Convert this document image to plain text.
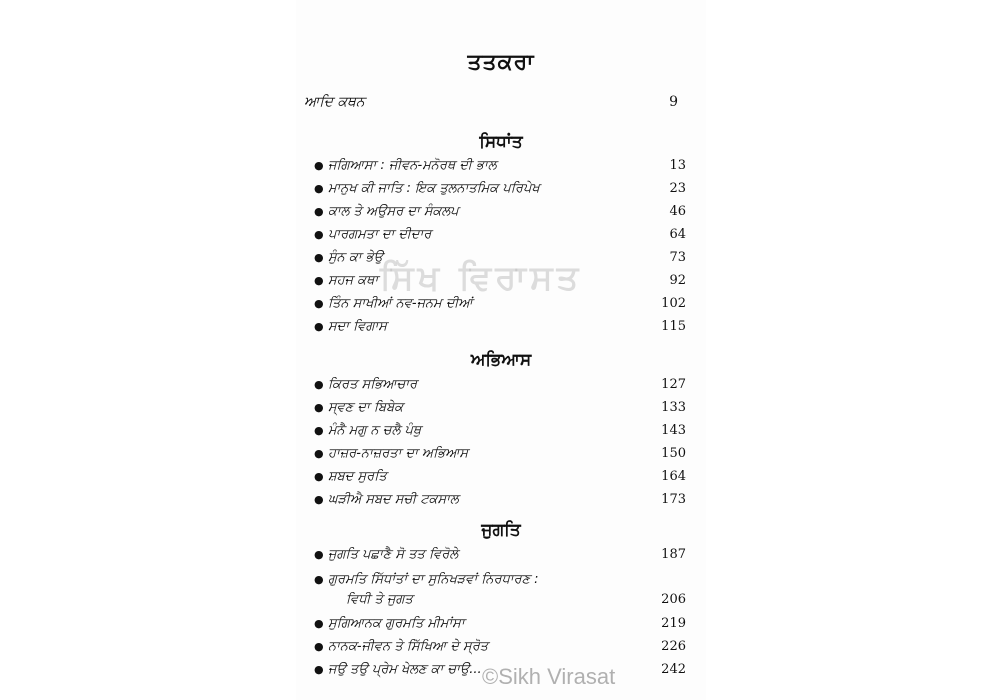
ਤਤਕਰਾ
ਆਦਿ ਕਥਨ	9
ਸਿਧਾਂਤ
● ਜਗਿਆਸਾ : ਜੀਵਨ-ਮਨੋਰਥ ਦੀ ਭਾਲ	13
● ਮਾਨੁਖ ਕੀ ਜਾਤਿ : ਇਕ ਤੁਲਨਾਤਮਿਕ ਪਰਿਪੇਖ	23
● ਕਾਲ ਤੇ ਅਉਸਰ ਦਾ ਸੰਕਲਪ	46
● ਪਾਰਗਮਤਾ ਦਾ ਦੀਦਾਰ	64
● ਸੁੰਨ ਕਾ ਭੇਉ	73
● ਸਹਜ ਕਥਾ	92
● ਤਿੰਨ ਸਾਖੀਆਂ ਨਵ-ਜਨਮ ਦੀਆਂ	102
● ਸਦਾ ਵਿਗਾਸ	115
ਅਭਿਆਸ
● ਕਿਰਤ ਸਭਿਆਚਾਰ	127
● ਸ੍ਵਣ ਦਾ ਬਿਬੇਕ	133
● ਮੰਨੈ ਮਗੁ ਨ ਚਲੈ ਪੰਥੁ	143
● ਹਾਜ਼ਰ-ਨਾਜ਼ਰਤਾ ਦਾ ਅਭਿਆਸ	150
● ਸ਼ਬਦ ਸੁਰਤਿ	164
● ਘੜੀਐ ਸਬਦ ਸਚੀ ਟਕਸਾਲ	173
ਜੁਗਤਿ
● ਜੁਗਤਿ ਪਛਾਣੈ ਸੋ ਤਤ ਵਿਰੋਲੇ	187
● ਗੁਰਮਤਿ ਸਿੱਧਾਂਤਾਂ ਦਾ ਸੁਨਿਖੜਵਾਂ ਨਿਰਧਾਰਣ :
ਵਿਧੀ ਤੇ ਜੁਗਤ	206
● ਸੁਗਿਆਨਕ ਗੁਰਮਤਿ ਮੀਮਾਂਸਾ	219
● ਨਾਨਕ-ਜੀਵਨ ਤੇ ਸਿੱਖਿਆ ਦੇ ਸ੍ਰੋਤ	226
● ਜਉ ਤਉ ਪ੍ਰੇਮ ਖੇਲਣ ਕਾ ਚਾਉ...	242
ਸਿੱਖ ਵਿਰਾਸਤ
©Sikh Virasat
